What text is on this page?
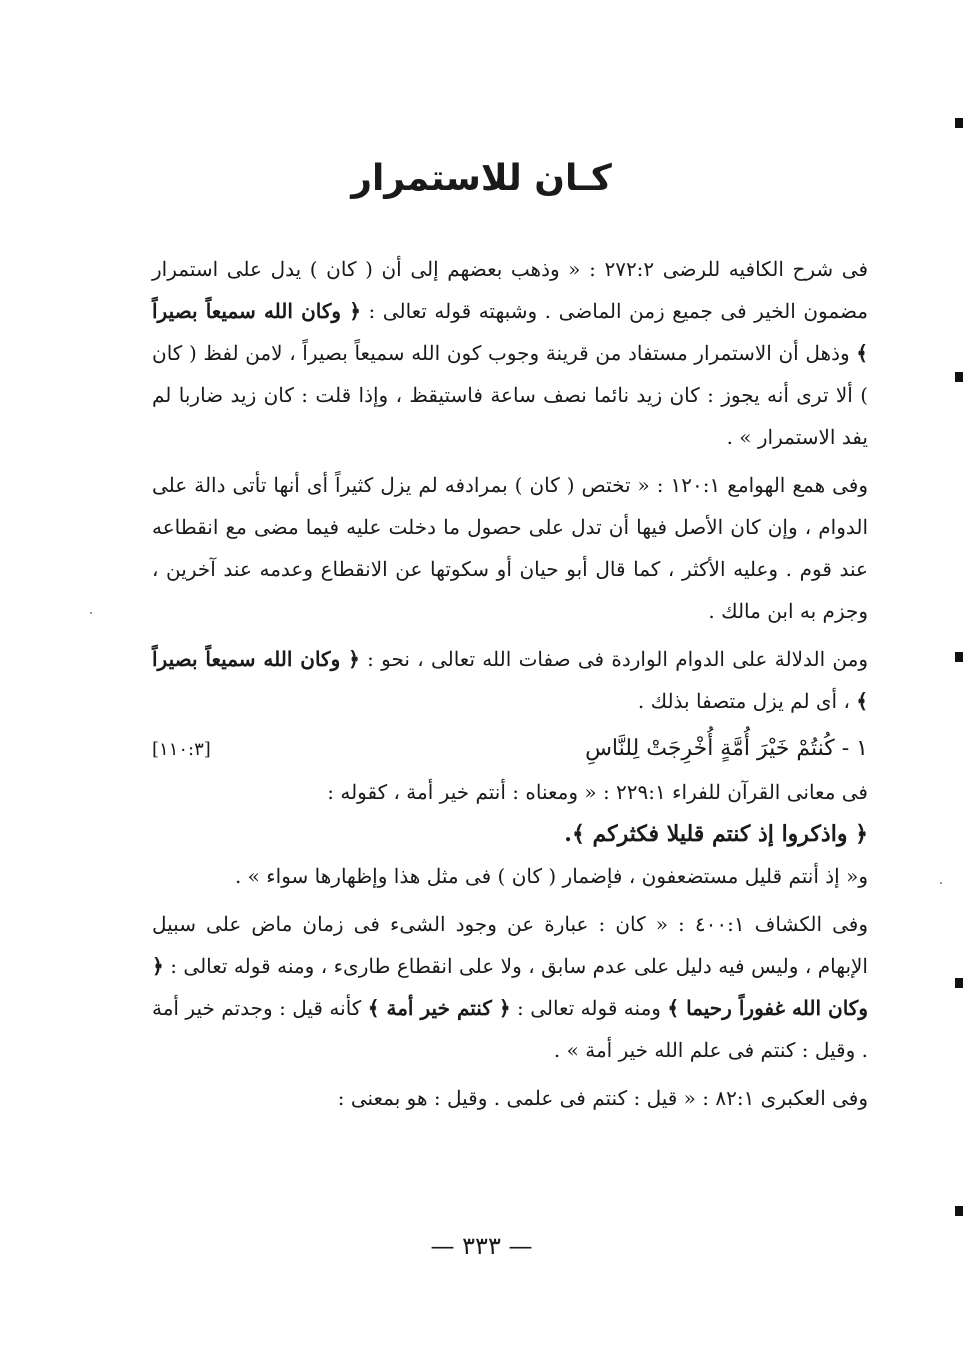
كـان للاستمرار

فى شرح الكافيه للرضى ٢٧٢:٢ : « وذهب بعضهم إلى أن ( كان ) يدل على استمرار مضمون الخير فى جميع زمن الماضى . وشبهته قوله تعالى : ﴿ وكان الله سميعاً بصيراً ﴾ وذهل أن الاستمرار مستفاد من قرينة وجوب كون الله سميعاً بصيراً ، لامن لفظ ( كان ) ألا ترى أنه يجوز : كان زيد نائما نصف ساعة فاستيقظ ، وإذا قلت : كان زيد ضاربا لم يفد الاستمرار » .

وفى همع الهوامع ١٢٠:١ : « تختص ( كان ) بمرادفه لم يزل كثيراً أى أنها تأتى دالة على الدوام ، وإن كان الأصل فيها أن تدل على حصول ما دخلت عليه فيما مضى مع انقطاعه عند قوم . وعليه الأكثر ، كما قال أبو حيان أو سكوتها عن الانقطاع وعدمه عند آخرين ، وجزم به ابن مالك .

ومن الدلالة على الدوام الواردة فى صفات الله تعالى ، نحو : ﴿ وكان الله سميعاً بصيراً ﴾ ، أى لم يزل متصفا بذلك .

١ - كُنتُمْ خَيْرَ أُمَّةٍ أُخْرِجَتْ لِلنَّاسِ
[١١٠:٣]
فى معانى القرآن للفراء ٢٢٩:١ : « ومعناه : أنتم خير أمة ، كقوله :
﴿ واذكروا إذ كنتم قليلا فكثركم ﴾.
و« إذ أنتم قليل مستضعفون ، فإضمار ( كان ) فى مثل هذا وإظهارها سواء » .

وفى الكشاف ٤٠٠:١ : « كان : عبارة عن وجود الشىء فى زمان ماض على سبيل الإبهام ، وليس فيه دليل على عدم سابق ، ولا على انقطاع طارىء ، ومنه قوله تعالى : ﴿ وكان الله غفوراً رحيما ﴾ ومنه قوله تعالى : ﴿ كنتم خير أمة ﴾ كأنه قيل : وجدتم خير أمة . وقيل : كنتم فى علم الله خير أمة » .

وفى العكبرى ٨٢:١ : « قيل : كنتم فى علمى . وقيل : هو بمعنى :

— ٣٣٣ —
